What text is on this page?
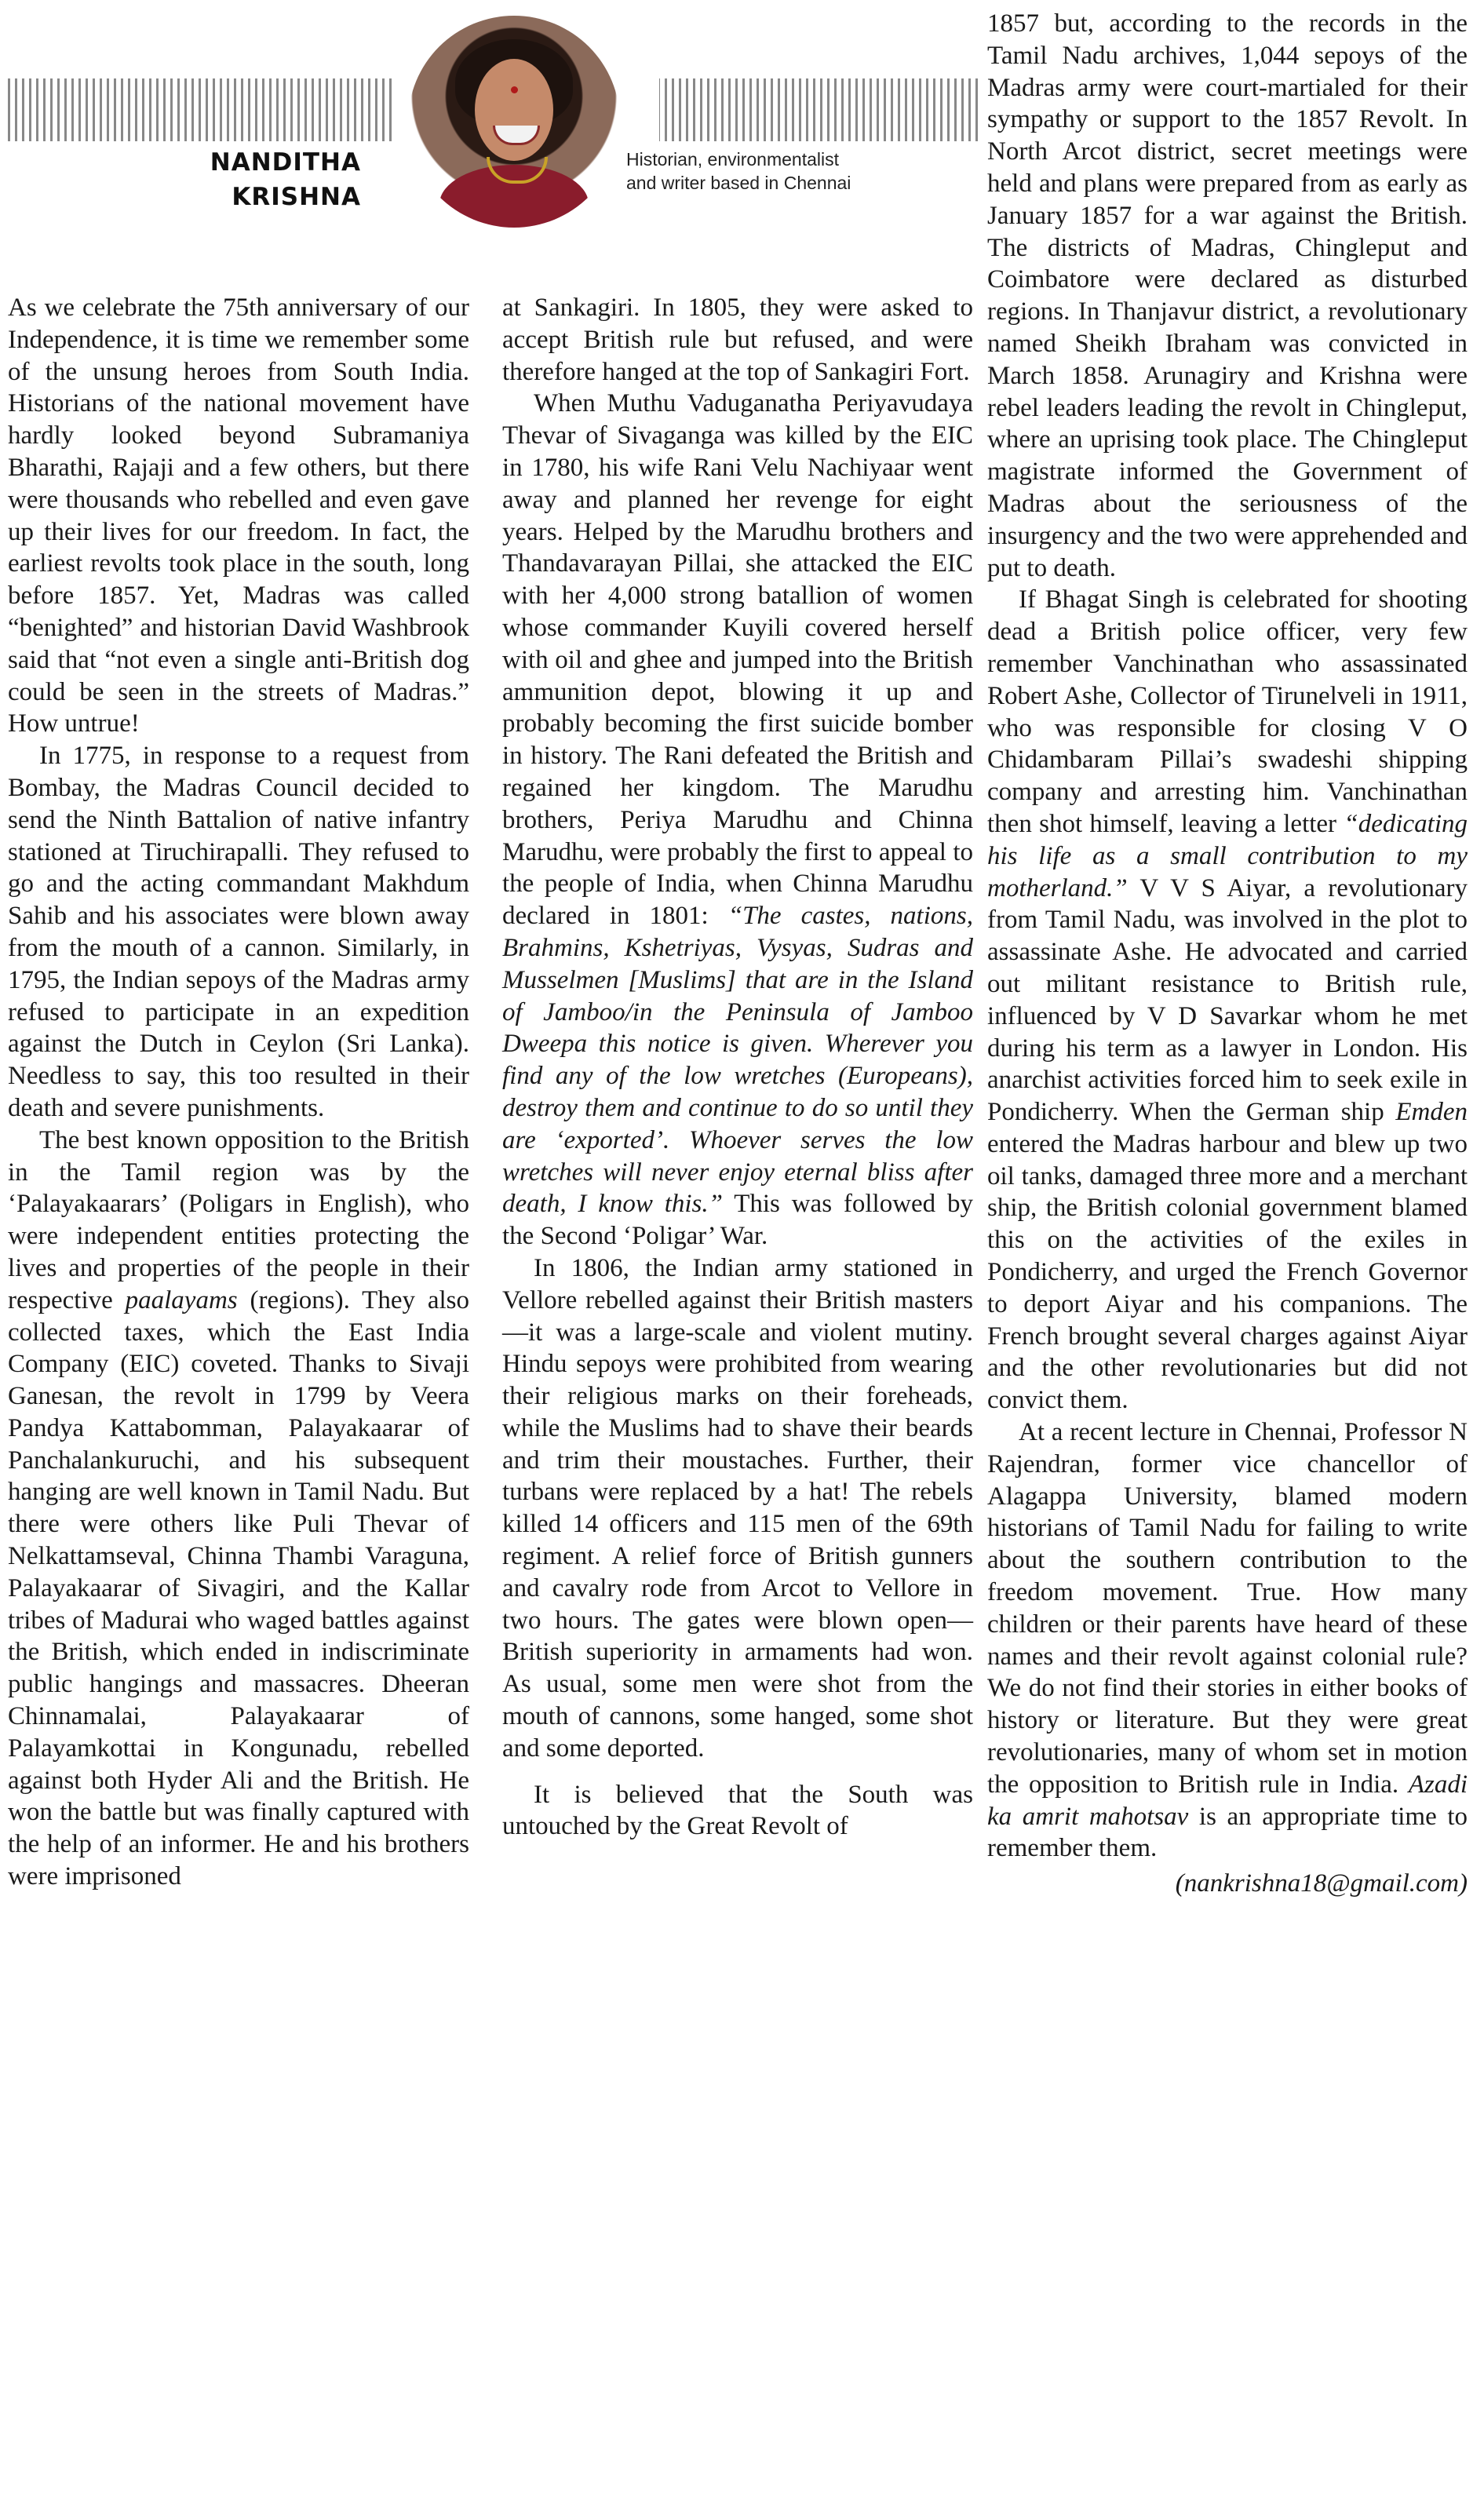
NANDITHA
KRISHNA
Historian, environmentalist
and writer based in Chennai

As we celebrate the 75th anniversary of our Independence, it is time we remember some of the unsung heroes from South India. Historians of the national movement have hardly looked beyond Subramaniya Bharathi, Rajaji and a few others, but there were thousands who rebelled and even gave up their lives for our freedom. In fact, the earliest revolts took place in the south, long before 1857. Yet, Madras was called “benighted” and historian David Washbrook said that “not even a single anti-British dog could be seen in the streets of Madras.” How untrue!

In 1775, in response to a request from Bombay, the Madras Council decided to send the Ninth Battalion of native infantry stationed at Tiruchirapalli. They refused to go and the acting commandant Makhdum Sahib and his associates were blown away from the mouth of a cannon. Similarly, in 1795, the Indian sepoys of the Madras army refused to participate in an expedition against the Dutch in Ceylon (Sri Lanka). Needless to say, this too resulted in their death and severe punishments.

The best known opposition to the British in the Tamil region was by the ‘Palayakaarars’ (Poligars in English), who were independent entities protecting the lives and properties of the people in their respective paalayams (regions). They also collected taxes, which the East India Company (EIC) coveted. Thanks to Sivaji Ganesan, the revolt in 1799 by Veera Pandya Kattabomman, Palayakaarar of Panchalankuruchi, and his subsequent hanging are well known in Tamil Nadu. But there were others like Puli Thevar of Nelkattamseval, Chinna Thambi Varaguna, Palayakaarar of Sivagiri, and the Kallar tribes of Madurai who waged battles against the British, which ended in indiscriminate public hangings and massacres. Dheeran Chinnamalai, Palayakaarar of Palayamkottai in Kongunadu, rebelled against both Hyder Ali and the British. He won the battle but was finally captured with the help of an informer. He and his brothers were imprisoned

at Sankagiri. In 1805, they were asked to accept British rule but refused, and were therefore hanged at the top of Sankagiri Fort.

When Muthu Vaduganatha Periyavudaya Thevar of Sivaganga was killed by the EIC in 1780, his wife Rani Velu Nachiyaar went away and planned her revenge for eight years. Helped by the Marudhu brothers and Thandavarayan Pillai, she attacked the EIC with her 4,000 strong batallion of women whose commander Kuyili covered herself with oil and ghee and jumped into the British ammunition depot, blowing it up and probably becoming the first suicide bomber in history. The Rani defeated the British and regained her kingdom. The Marudhu brothers, Periya Marudhu and Chinna Marudhu, were probably the first to appeal to the people of India, when Chinna Marudhu declared in 1801: “The castes, nations, Brahmins, Kshetriyas, Vysyas, Sudras and Musselmen [Muslims] that are in the Island of Jamboo/in the Peninsula of Jamboo Dweepa this notice is given. Wherever you find any of the low wretches (Europeans), destroy them and continue to do so until they are ‘exported’. Whoever serves the low wretches will never enjoy eternal bliss after death, I know this.” This was followed by the Second ‘Poligar’ War.

In 1806, the Indian army stationed in Vellore rebelled against their British masters—it was a large-scale and violent mutiny. Hindu sepoys were prohibited from wearing their religious marks on their foreheads, while the Muslims had to shave their beards and trim their moustaches. Further, their turbans were replaced by a hat! The rebels killed 14 officers and 115 men of the 69th regiment. A relief force of British gunners and cavalry rode from Arcot to Vellore in two hours. The gates were blown open—British superiority in armaments had won. As usual, some men were shot from the mouth of cannons, some hanged, some shot and some deported.

It is believed that the South was untouched by the Great Revolt of

1857 but, according to the records in the Tamil Nadu archives, 1,044 sepoys of the Madras army were court-martialed for their sympathy or support to the 1857 Revolt. In North Arcot district, secret meetings were held and plans were prepared from as early as January 1857 for a war against the British. The districts of Madras, Chingleput and Coimbatore were declared as disturbed regions. In Thanjavur district, a revolutionary named Sheikh Ibraham was convicted in March 1858. Arunagiry and Krishna were rebel leaders leading the revolt in Chingleput, where an uprising took place. The Chingleput magistrate informed the Government of Madras about the seriousness of the insurgency and the two were apprehended and put to death.

If Bhagat Singh is celebrated for shooting dead a British police officer, very few remember Vanchinathan who assassinated Robert Ashe, Collector of Tirunelveli in 1911, who was responsible for closing V O Chidambaram Pillai’s swadeshi shipping company and arresting him. Vanchinathan then shot himself, leaving a letter “dedicating his life as a small contribution to my motherland.” V V S Aiyar, a revolutionary from Tamil Nadu, was involved in the plot to assassinate Ashe. He advocated and carried out militant resistance to British rule, influenced by V D Savarkar whom he met during his term as a lawyer in London. His anarchist activities forced him to seek exile in Pondicherry. When the German ship Emden entered the Madras harbour and blew up two oil tanks, damaged three more and a merchant ship, the British colonial government blamed this on the activities of the exiles in Pondicherry, and urged the French Governor to deport Aiyar and his companions. The French brought several charges against Aiyar and the other revolutionaries but did not convict them.

At a recent lecture in Chennai, Professor N Rajendran, former vice chancellor of Alagappa University, blamed modern historians of Tamil Nadu for failing to write about the southern contribution to the freedom movement. True. How many children or their parents have heard of these names and their revolt against colonial rule? We do not find their stories in either books of history or literature. But they were great revolutionaries, many of whom set in motion the opposition to British rule in India. Azadi ka amrit mahotsav is an appropriate time to remember them.

(nankrishna18@gmail.com)
